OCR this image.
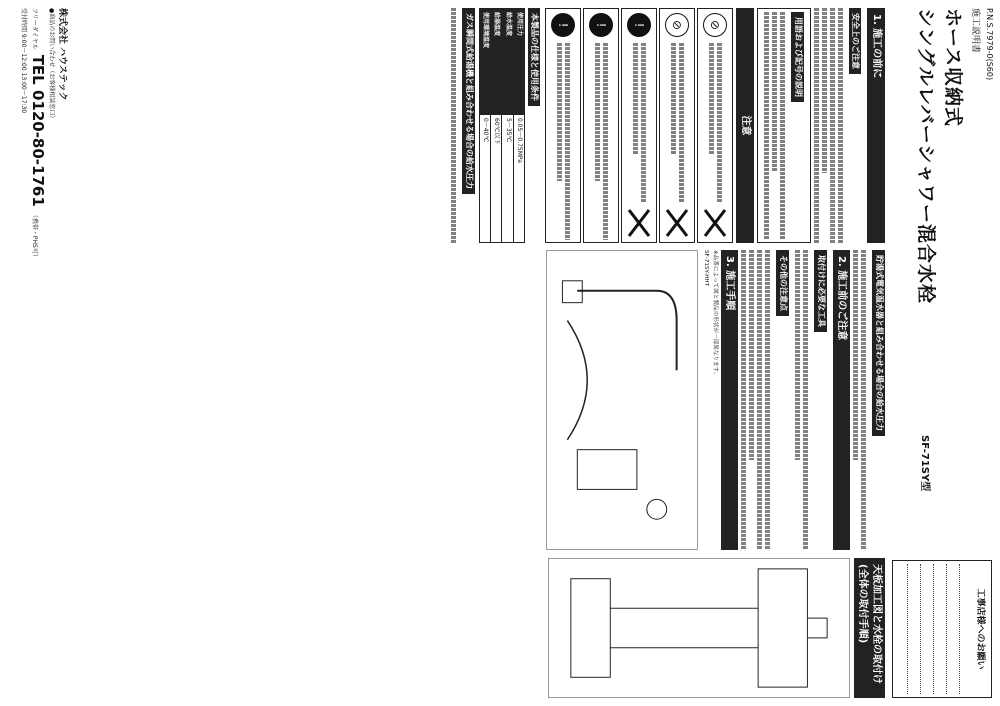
P.N.S.7979-0(S60)
施工説明書
ホース収納式
シングルレバーシャワー混合水栓
SF-71SY型
工事店様へのお願い
1. 施工の前に
安全上のご注意
用語および記号の説明
注意
⊘
⊘
!
!
!
本製品の仕様と使用条件
使用圧力	0.05～0.75MPa
給水温度	5～35℃
給湯温度	60℃以下
使用環境温度	0～40℃
ガス瞬間式給湯機と組み合わせる場合の給水圧力
貯湯式電気温水器と組み合わせる場合の給水圧力
2. 施工前のご注意
取付けに必要な工具
その他の注意点
3. 施工手順
※品番によって図と製品の形状が一部異なります。
SF-71SY-HHT
天板加工図と水栓の取付け(全体の取付手順)
株式会社 ハウステック
●商品のお問い合わせ（お客様相談窓口）
フリーダイヤル TEL 0120-80-1761 （携帯・PHS可）
受付時間 9:00～12:00 13:00～17:30
